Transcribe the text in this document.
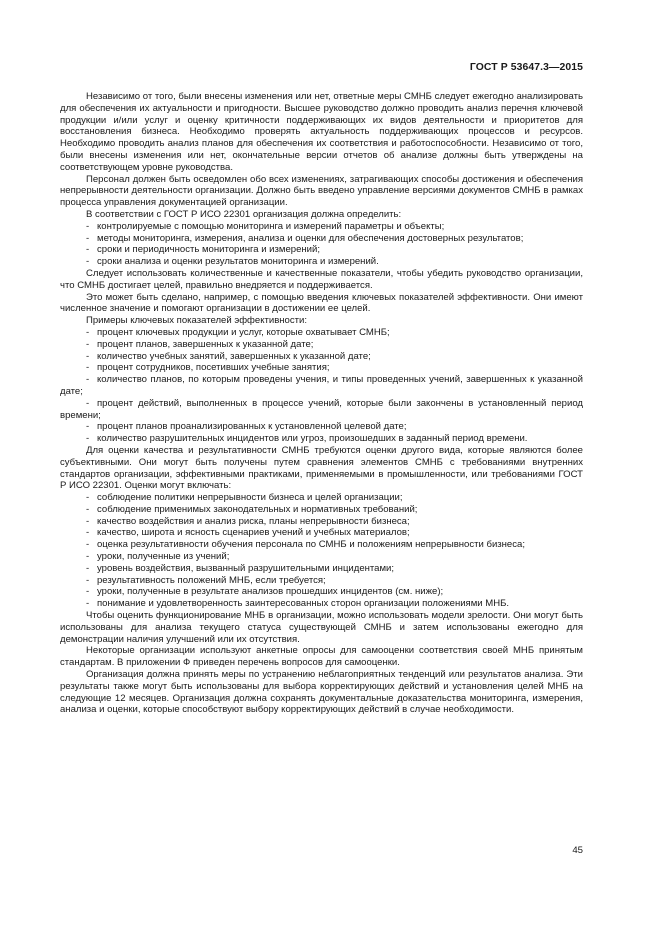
ГОСТ Р 53647.3—2015

Независимо от того, были внесены изменения или нет, ответные меры СМНБ следует ежегодно анализировать для обеспечения их актуальности и пригодности. Высшее руководство должно проводить анализ перечня ключевой продукции и/или услуг и оценку критичности поддерживающих их видов деятельности и приоритетов для восстановления бизнеса. Необходимо проверять актуальность поддерживающих процессов и ресурсов. Необходимо проводить анализ планов для обеспечения их соответствия и работоспособности. Независимо от того, были внесены изменения или нет, окончательные версии отчетов об анализе должны быть утверждены на соответствующем уровне руководства.

Персонал должен быть осведомлен обо всех изменениях, затрагивающих способы достижения и обеспечения непрерывности деятельности организации. Должно быть введено управление версиями документов СМНБ в рамках процесса управления документацией организации.

В соответствии с ГОСТ Р ИСО 22301 организация должна определить:

- контролируемые с помощью мониторинга и измерений параметры и объекты;

- методы мониторинга, измерения, анализа и оценки для обеспечения достоверных результатов;

- сроки и периодичность мониторинга и измерений;

- сроки анализа и оценки результатов мониторинга и измерений.

Следует использовать количественные и качественные показатели, чтобы убедить руководство организации, что СМНБ достигает целей, правильно внедряется и поддерживается.

Это может быть сделано, например, с помощью введения ключевых показателей эффективности. Они имеют численное значение и помогают организации в достижении ее целей.

Примеры ключевых показателей эффективности:

- процент ключевых продукции и услуг, которые охватывает СМНБ;

- процент планов, завершенных к указанной дате;

- количество учебных занятий, завершенных к указанной дате;

- процент сотрудников, посетивших учебные занятия;

- количество планов, по которым проведены учения, и типы проведенных учений, завершенных к указанной дате;

- процент действий, выполненных в процессе учений, которые были закончены в установленный период времени;

- процент планов проанализированных к установленной целевой дате;

- количество разрушительных инцидентов или угроз, произошедших в заданный период времени.

Для оценки качества и результативности СМНБ требуются оценки другого вида, которые являются более субъективными. Они могут быть получены путем сравнения элементов СМНБ с требованиями внутренних стандартов организации, эффективными практиками, применяемыми в промышленности, или требованиями ГОСТ Р ИСО 22301. Оценки могут включать:

- соблюдение политики непрерывности бизнеса и целей организации;

- соблюдение применимых законодательных и нормативных требований;

- качество воздействия и анализ риска, планы непрерывности бизнеса;

- качество, широта и ясность сценариев учений и учебных материалов;

- оценка результативности обучения персонала по СМНБ и положениям непрерывности бизнеса;

- уроки, полученные из учений;

- уровень воздействия, вызванный разрушительными инцидентами;

- результативность положений МНБ, если требуется;

- уроки, полученные в результате анализов прошедших инцидентов (см. ниже);

- понимание и удовлетворенность заинтересованных сторон организации положениями МНБ.

Чтобы оценить функционирование МНБ в организации, можно использовать модели зрелости. Они могут быть использованы для анализа текущего статуса существующей СМНБ и затем использованы ежегодно для демонстрации наличия улучшений или их отсутствия.

Некоторые организации используют анкетные опросы для самооценки соответствия своей МНБ принятым стандартам. В приложении Ф приведен перечень вопросов для самооценки.

Организация должна принять меры по устранению неблагоприятных тенденций или результатов анализа. Эти результаты также могут быть использованы для выбора корректирующих действий и установления целей МНБ на следующие 12 месяцев. Организация должна сохранять документальные доказательства мониторинга, измерения, анализа и оценки, которые способствуют выбору корректирующих действий в случае необходимости.

45
